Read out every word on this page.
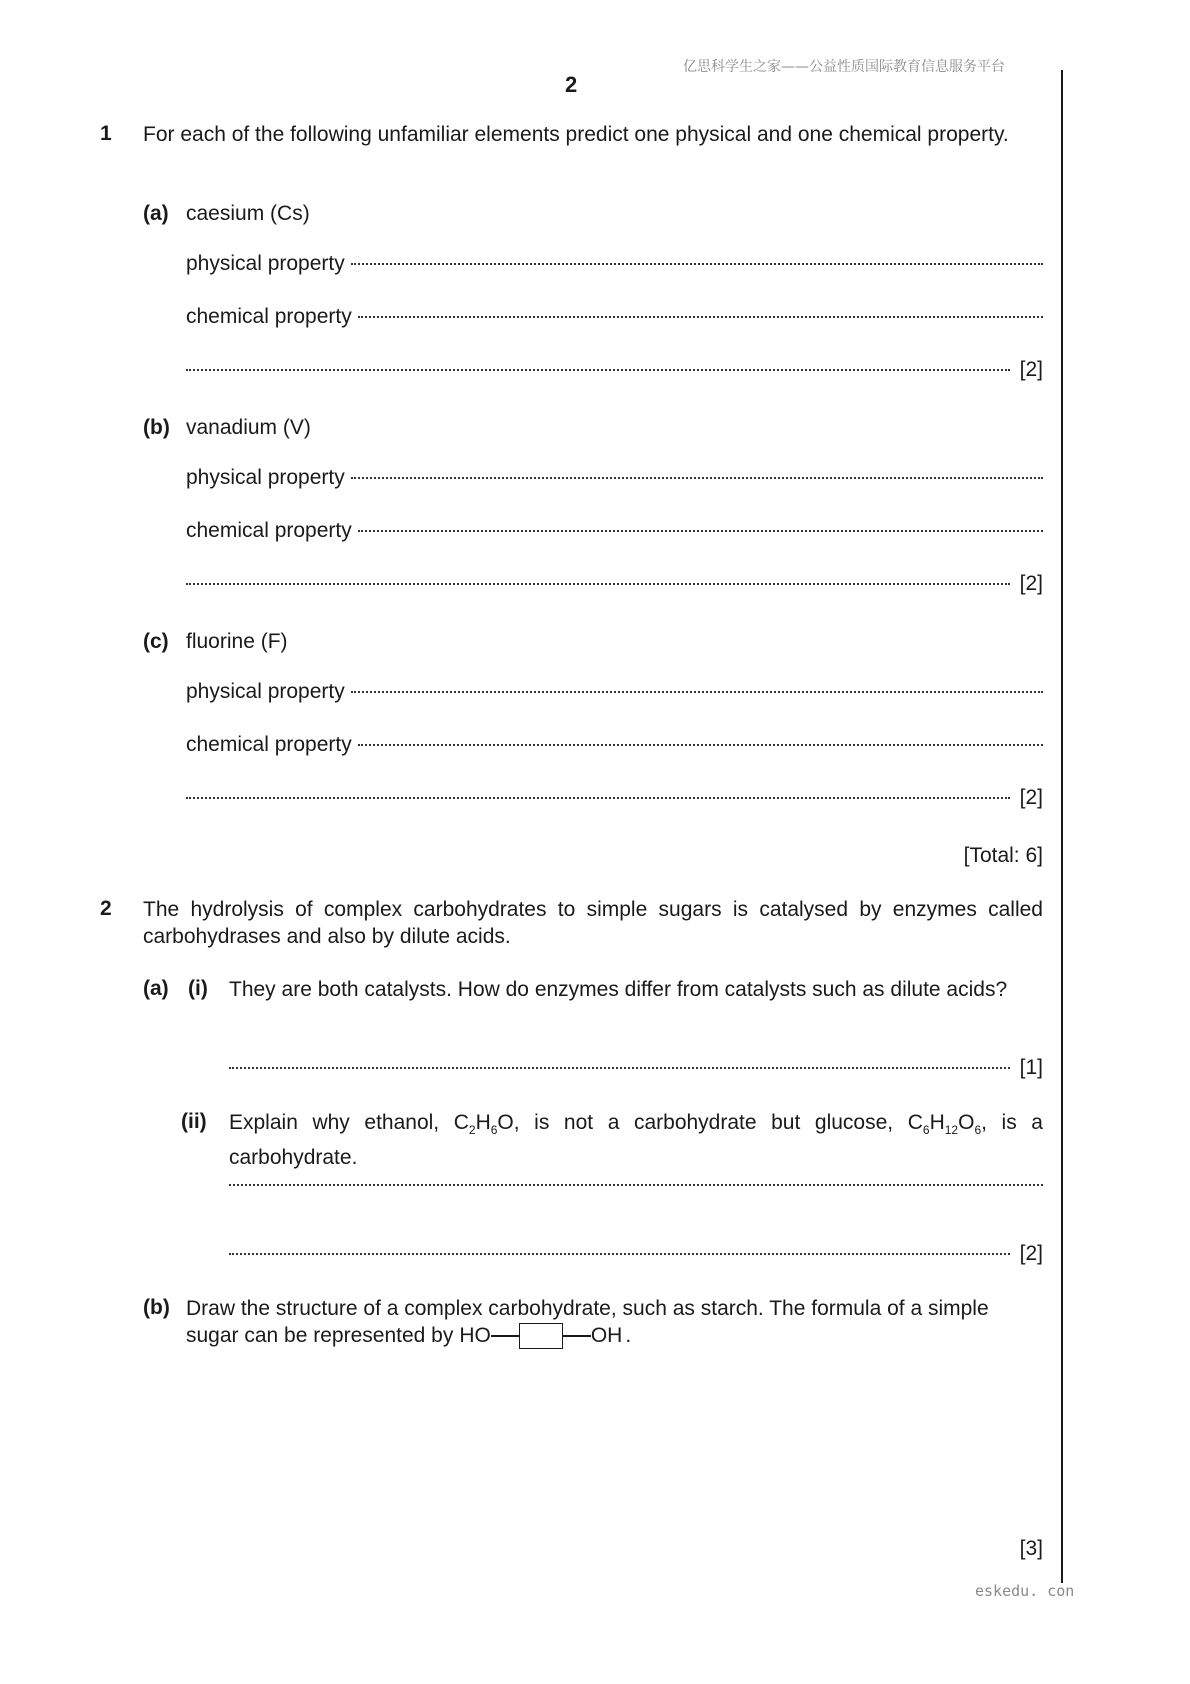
亿思科学生之家——公益性质国际教育信息服务平台
2
1 For each of the following unfamiliar elements predict one physical and one chemical property.
(a) caesium (Cs)
physical property
chemical property
[2]
(b) vanadium (V)
physical property
chemical property
[2]
(c) fluorine (F)
physical property
chemical property
[2]
[Total: 6]
2 The hydrolysis of complex carbohydrates to simple sugars is catalysed by enzymes called carbohydrases and also by dilute acids.
(a) (i) They are both catalysts. How do enzymes differ from catalysts such as dilute acids?
[1]
(ii) Explain why ethanol, $C_2H_6O$, is not a carbohydrate but glucose, $C_6H_{12}O_6$, is a carbohydrate.
[2]
(b) Draw the structure of a complex carbohydrate, such as starch. The formula of a simple
sugar can be represented by HO	OH .
[3]
eskedu. con
